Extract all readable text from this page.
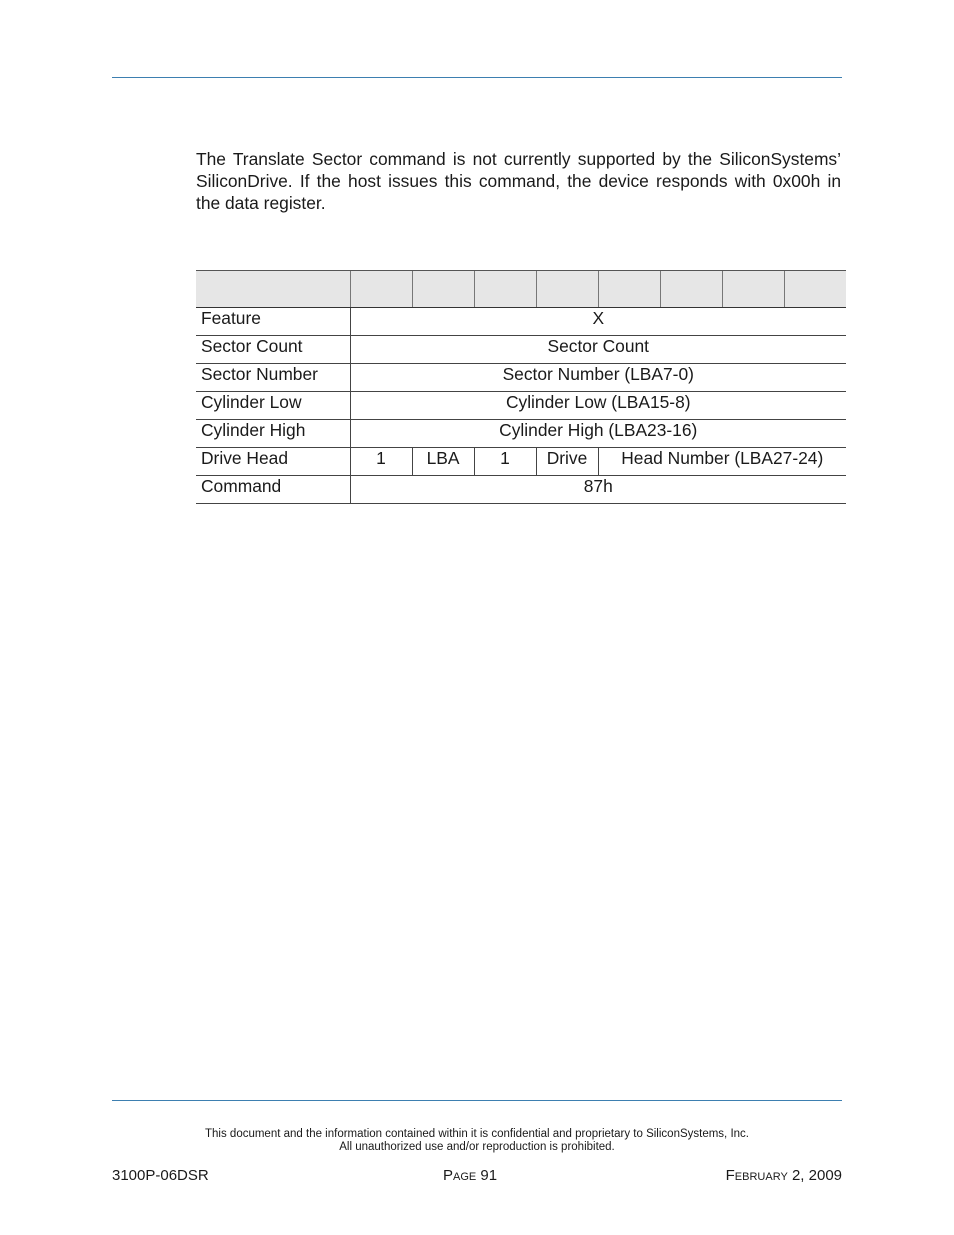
The Translate Sector command is not currently supported by the SiliconSystems’ SiliconDrive. If the host issues this command, the device responds with 0x00h in the data register.

Feature	X							
Sector Count	Sector Count							
Sector Number	Sector Number (LBA7-0)							
Cylinder Low	Cylinder Low (LBA15-8)							
Cylinder High	Cylinder High (LBA23-16)							
Drive Head	1	LBA	1	Drive	Head Number (LBA27-24)			
Command	87h							
This document and the information contained within it is confidential and proprietary to SiliconSystems, Inc.
All unauthorized use and/or reproduction is prohibited.
3100P-06DSR	Page 91	February 2, 2009
